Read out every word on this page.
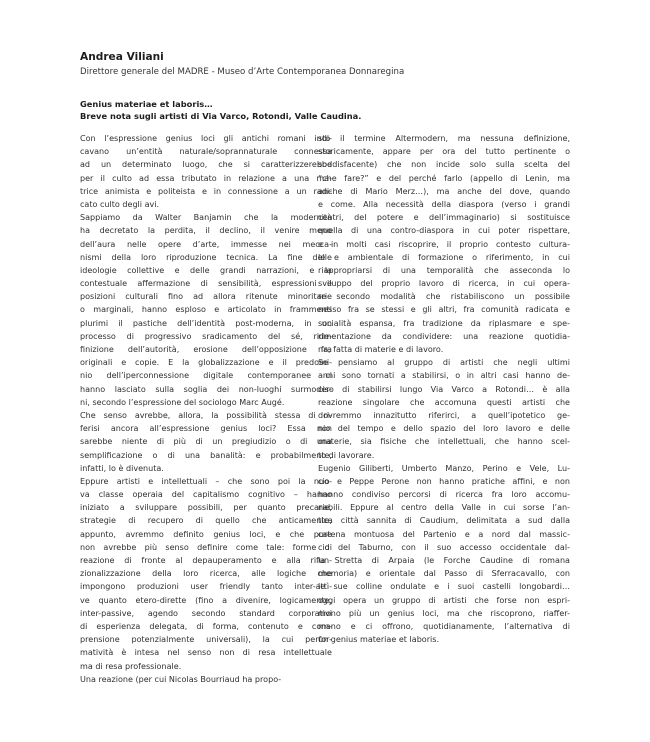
Andrea Viliani
Direttore generale del MADRE - Museo d’Arte Contemporanea Donnaregina
Genius materiae et laboris…
Breve nota sugli artisti di Via Varco, Rotondi, Valle Caudina.
Con l’espressione genius loci gli antichi romani indi-
cavano un’entità naturale/soprannaturale connessa
ad un determinato luogo, che si caratterizzerebbe
per il culto ad essa tributato in relazione a una ma-
trice animista e politeista e in connessione a un radi-
cato culto degli avi.
Sappiamo da Walter Banjamin che la modernità
ha decretato la perdita, il declino, il venire meno
dell’aura nelle opere d’arte, immesse nei mecca-
nismi della loro riproduzione tecnica. La fine delle
ideologie collettive e delle grandi narrazioni, e la
contestuale affermazione di sensibilità, espressioni e
posizioni culturali fino ad allora ritenute minoritarie
o marginali, hanno esploso e articolato in frammenti
plurimi il pastiche dell’identità post-moderna, in un
processo di progressivo sradicamento del sé, ride-
finizione dell’autorità, erosione dell’opposizione fra
originali e copie. E la globalizzazione e il predomi-
nio dell’iperconnessione digitale contemporanee ci
hanno lasciato sulla soglia dei non-luoghi surmoder-
ni, secondo l’espressione del sociologo Marc Augé.
Che senso avrebbe, allora, la possibilità stessa di ri-
ferisi ancora all’espressione genius loci? Essa non
sarebbe niente di più di un pregiudizio o di una
semplificazione o di una banalità: e probabilmente,
infatti, lo è divenuta.
Eppure artisti e intellettuali – che sono poi la nuo-
va classe operaia del capitalismo cognitivo – hanno
iniziato a sviluppare possibili, per quanto precarie,
strategie di recupero di quello che anticamente,
appunto, avremmo definito genius loci, e che pure
non avrebbe più senso definire come tale: forme di
reazione di fronte al depauperamento e alla rifun-
zionalizzazione della loro ricerca, alle logiche che
impongono produzioni user friendly tanto inter-attì-
ve quanto etero-dirette (fino a divenire, logicamente,
inter-passive, agendo secondo standard corporativi
di esperienza delegata, di forma, contenuto e com-
prensione potenzialmente universali), la cui perfor-
matività è intesa nel senso non di resa intellettuale
ma di resa professionale.
Una reazione (per cui Nicolas Bourriaud ha propo-
sto il termine Altermodern, ma nessuna definizione,
storicamente, appare per ora del tutto pertinente o
soddisfacente) che non incide solo sulla scelta del
“che fare?” e del perché farlo (appello di Lenin, ma
anche di Mario Merz…), ma anche del dove, quando
e come. Alla necessità della diaspora (verso i grandi
centri, del potere e dell’immaginario) si sostituisce
quella di una contro-diaspora in cui poter rispettare,
e in molti casi riscoprire, il proprio contesto cultura-
le e ambientale di formazione o riferimento, in cui
riappropriarsi di una temporalità che asseconda lo
sviluppo del proprio lavoro di ricerca, in cui opera-
re secondo modalità che ristabiliscono un possibile
nesso fra se stessi e gli altri, fra comunità radicata e
socialità espansa, fra tradizione da riplasmare e spe-
rimentazione da condividere: una reazione quotidia-
na, fatta di materie e di lavoro.
Se pensiamo al gruppo di artisti che negli ultimi
anni sono tornati a stabilirsi, o in altri casi hanno de-
ciso di stabilirsi lungo Via Varco a Rotondi… è alla
reazione singolare che accomuna questi artisti che
dovremmo innazitutto riferirci, a quell’ipotetico ge-
nio del tempo e dello spazio del loro lavoro e delle
materie, sia fisiche che intellettuali, che hanno scel-
to di lavorare.
Eugenio Giliberti, Umberto Manzo, Perino e Vele, Lu-
cio e Peppe Perone non hanno pratiche affini, e non
hanno condiviso percorsi di ricerca fra loro accomu-
nabili. Eppure al centro della Valle in cui sorse l’an-
tica città sannita di Caudium, delimitata a sud dalla
catena montuosa del Partenio e a nord dal massic-
cio del Taburno, con il suo accesso occidentale dal-
la Stretta di Arpaia (le Forche Caudine di romana
memoria) e orientale dal Passo di Sferracavallo, con
le sue colline ondulate e i suoi castelli longobardi…
oggi opera un gruppo di artisti che forse non espri-
mono più un genius loci, ma che riscoprono, riaffer-
mano e ci offrono, quotidianamente, l’alternativa di
un genius materiae et laboris.
